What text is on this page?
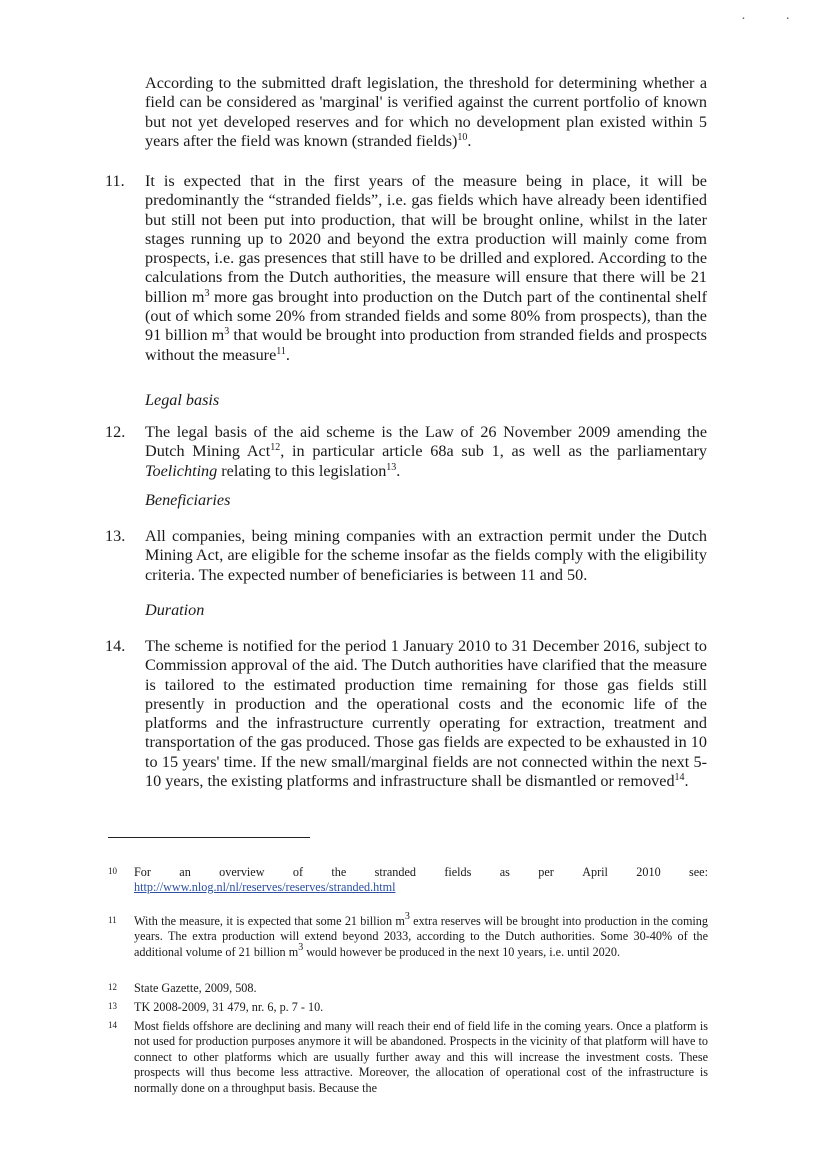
· ·
According to the submitted draft legislation, the threshold for determining whether a field can be considered as 'marginal' is verified against the current portfolio of known but not yet developed reserves and for which no development plan existed within 5 years after the field was known (stranded fields)$^{10}$.
11.	It is expected that in the first years of the measure being in place, it will be predominantly the “stranded fields”, i.e. gas fields which have already been identified but still not been put into production, that will be brought online, whilst in the later stages running up to 2020 and beyond the extra production will mainly come from prospects, i.e. gas presences that still have to be drilled and explored. According to the calculations from the Dutch authorities, the measure will ensure that there will be 21 billion $m^3$ more gas brought into production on the Dutch part of the continental shelf (out of which some 20% from stranded fields and some 80% from prospects), than the 91 billion $m^3$ that would be brought into production from stranded fields and prospects without the measure$^{11}$.
Legal basis
12.	The legal basis of the aid scheme is the Law of 26 November 2009 amending the Dutch Mining Act$^{12}$, in particular article 68a sub 1, as well as the parliamentary Toelichting relating to this legislation$^{13}$.
Beneficiaries
13.	All companies, being mining companies with an extraction permit under the Dutch Mining Act, are eligible for the scheme insofar as the fields comply with the eligibility criteria. The expected number of beneficiaries is between 11 and 50.
Duration
14.	The scheme is notified for the period 1 January 2010 to 31 December 2016, subject to Commission approval of the aid. The Dutch authorities have clarified that the measure is tailored to the estimated production time remaining for those gas fields still presently in production and the operational costs and the economic life of the platforms and the infrastructure currently operating for extraction, treatment and transportation of the gas produced. Those gas fields are expected to be exhausted in 10 to 15 years' time. If the new small/marginal fields are not connected within the next 5-10 years, the existing platforms and infrastructure shall be dismantled or removed$^{14}$.
10 For an overview of the stranded fields as per April 2010 see:
http://www.nlog.nl/nl/reserves/reserves/stranded.html
11 With the measure, it is expected that some 21 billion $m^3$ extra reserves will be brought into production in the coming years. The extra production will extend beyond 2033, according to the Dutch authorities. Some 30-40% of the additional volume of 21 billion $m^3$ would however be produced in the next 10 years, i.e. until 2020.
12 State Gazette, 2009, 508.
13 TK 2008-2009, 31 479, nr. 6, p. 7 - 10.
14 Most fields offshore are declining and many will reach their end of field life in the coming years. Once a platform is not used for production purposes anymore it will be abandoned. Prospects in the vicinity of that platform will have to connect to other platforms which are usually further away and this will increase the investment costs. These prospects will thus become less attractive. Moreover, the allocation of operational cost of the infrastructure is normally done on a throughput basis. Because the
